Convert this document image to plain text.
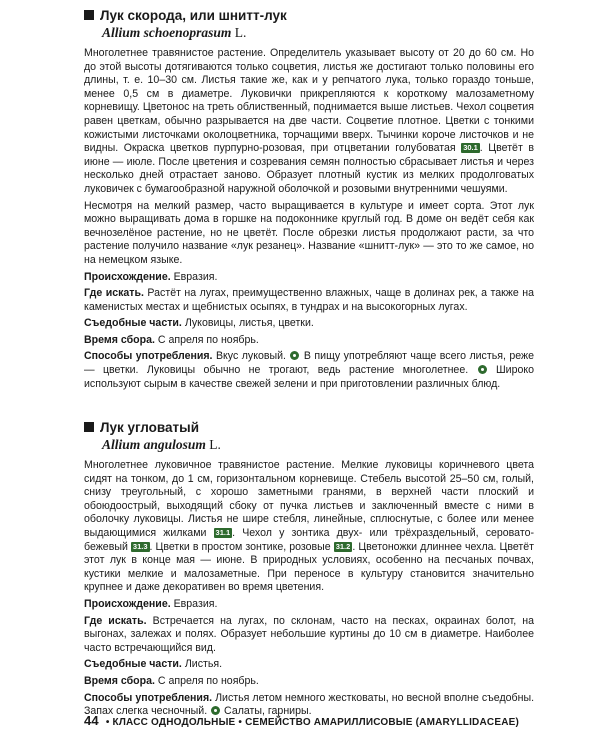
Лук скорода, или шнитт-лук
Allium schoenoprasum L.

Многолетнее травянистое растение. Определитель указывает высоту от 20 до 60 см. Но до этой высоты дотягиваются только соцветия, листья же достигают только половины его длины, т. е. 10–30 см. Листья такие же, как и у репчатого лука, только гораздо тоньше, менее 0,5 см в диаметре. Луковички прикрепляются к короткому малозаметному корневищу. Цветонос на треть облиственный, поднимается выше листьев. Чехол соцветия равен цветкам, обычно разрывается на две части. Соцветие плотное. Цветки с тонкими кожистыми листочками околоцветника, торчащими вверх. Тычинки короче листочков и не видны. Окраска цветков пурпурно-розовая, при отцветании голубоватая 30.1 . Цветёт в июне — июле. После цветения и созревания семян полностью сбрасывает листья и через несколько дней отрастает заново. Образует плотный кустик из мелких продолговатых луковичек с бумагообразной наружной оболочкой и розовыми внутренними чешуями.

Несмотря на мелкий размер, часто выращивается в культуре и имеет сорта. Этот лук можно выращивать дома в горшке на подоконнике круглый год. В доме он ведёт себя как вечнозелёное растение, но не цветёт. После обрезки листья продолжают расти, за что растение получило название «лук резанец». Название «шнитт-лук» — это то же самое, но на немецком языке.

Происхождение. Евразия.

Где искать. Растёт на лугах, преимущественно влажных, чаще в долинах рек, а также на каменистых местах и щебнистых осыпях, в тундрах и на высокогорных лугах.

Съедобные части. Луковицы, листья, цветки.

Время сбора. С апреля по ноябрь.

Способы употребления. Вкус луковый.  В пищу употребляют чаще всего листья, реже — цветки. Луковицы обычно не трогают, ведь растение многолетнее.  Широко используют сырым в качестве свежей зелени и при приготовлении различных блюд.

Лук угловатый
Allium angulosum L.

Многолетнее луковичное травянистое растение. Мелкие луковицы коричневого цвета сидят на тонком, до 1 см, горизонтальном корневище. Стебель высотой 25–50 см, голый, снизу треугольный, с хорошо заметными гранями, в верхней части плоский и обоюдоострый, выходящий сбоку от пучка листьев и заключенный вместе с ними в оболочку луковицы. Листья не шире стебля, линейные, сплюснутые, с более или менее выдающимися жилками 31.1 . Чехол у зонтика двух- или трёхраздельный, серовато-бежевый 31.3 . Цветки в простом зонтике, розовые 31.2 . Цветоножки длиннее чехла. Цветёт этот лук в конце мая — июне. В природных условиях, особенно на песчаных почвах, кустики мелкие и малозаметные. При переносе в культуру становится значительно крупнее и даже декоративен во время цветения.

Происхождение. Евразия.

Где искать. Встречается на лугах, по склонам, часто на песках, окраинах болот, на выгонах, залежах и полях. Образует небольшие куртины до 10 см в диаметре. Наиболее часто встречающийся вид.

Съедобные части. Листья.

Время сбора. С апреля по ноябрь.

Способы употребления. Листья летом немного жестковаты, но весной вполне съедобны. Запах слегка чесночный.  Салаты, гарниры.

44 • КЛАСС ОДНОДОЛЬНЫЕ • СЕМЕЙСТВО АМАРИЛЛИСОВЫЕ (AMARYLLIDACEAE)
